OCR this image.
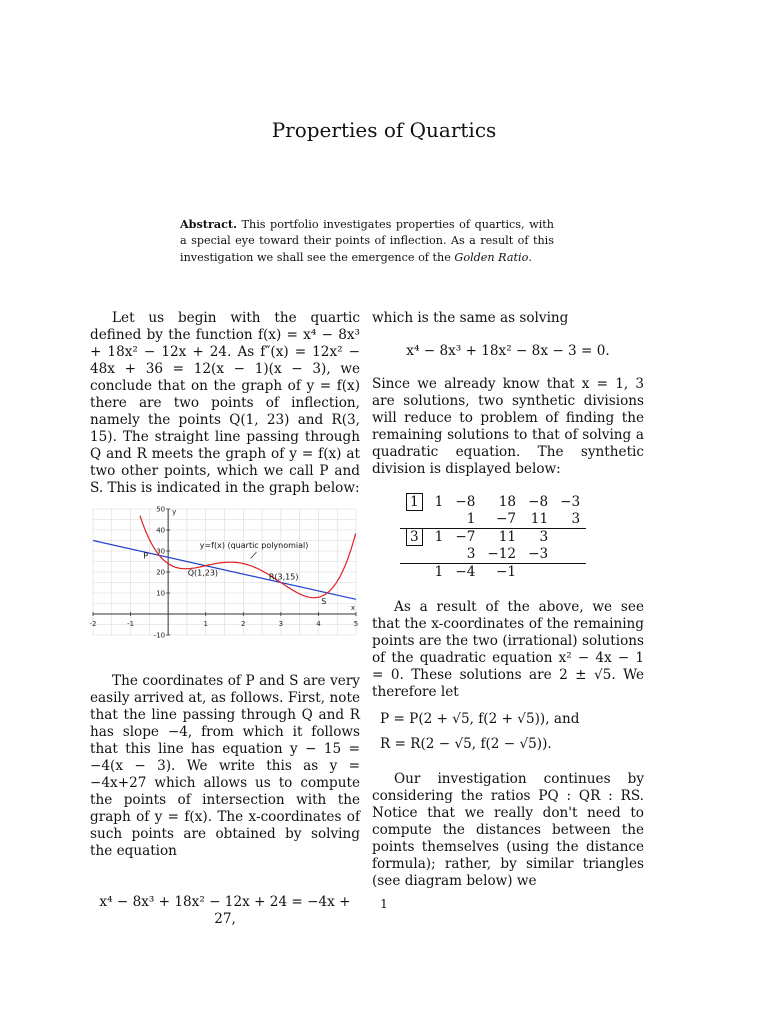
Properties of Quartics
Abstract. This portfolio investigates properties of quartics, with a special eye toward their points of inflection. As a result of this investigation we shall see the emergence of the Golden Ratio.

Let us begin with the quartic defined by the function f(x) = x⁴ − 8x³ + 18x² − 12x + 24. As f″(x) = 12x² − 48x + 36 = 12(x − 1)(x − 3), we conclude that on the graph of y = f(x) there are two points of inflection, namely the points Q(1, 23) and R(3, 15). The straight line passing through Q and R meets the graph of y = f(x) at two other points, which we call P and S. This is indicated in the graph below:

The coordinates of P and S are very easily arrived at, as follows. First, note that the line passing through Q and R has slope −4, from which it follows that this line has equation y − 15 = −4(x − 3). We write this as y = −4x+27 which allows us to compute the points of intersection with the graph of y = f(x). The x-coordinates of such points are obtained by solving the equation

x⁴ − 8x³ + 18x² − 12x + 24 = −4x + 27,

-2	-1	1	2	3	4	5
-10
10
20
30
40
50
x
y
P
Q(1,23)	R(3,15)
S
y=f(x) (quartic polynomial)

which is the same as solving

x⁴ − 8x³ + 18x² − 8x − 3 = 0.

Since we already know that x = 1, 3 are solutions, two synthetic divisions will reduce to problem of finding the remaining solutions to that of solving a quadratic equation. The synthetic division is displayed below:

1	1	−8	18	−8	−3
		1	−7	11	3
3	1	−7	11	3	
		3	−12	−3	
	1	−4	−1		

As a result of the above, we see that the x-coordinates of the remaining points are the two (irrational) solutions of the quadratic equation x² − 4x − 1 = 0. These solutions are 2 ± √5. We therefore let

P = P(2 + √5, f(2 + √5)), and

R = R(2 − √5, f(2 − √5)).

Our investigation continues by considering the ratios PQ : QR : RS. Notice that we really don't need to compute the distances between the points themselves (using the distance formula); rather, by similar triangles (see diagram below) we

1
